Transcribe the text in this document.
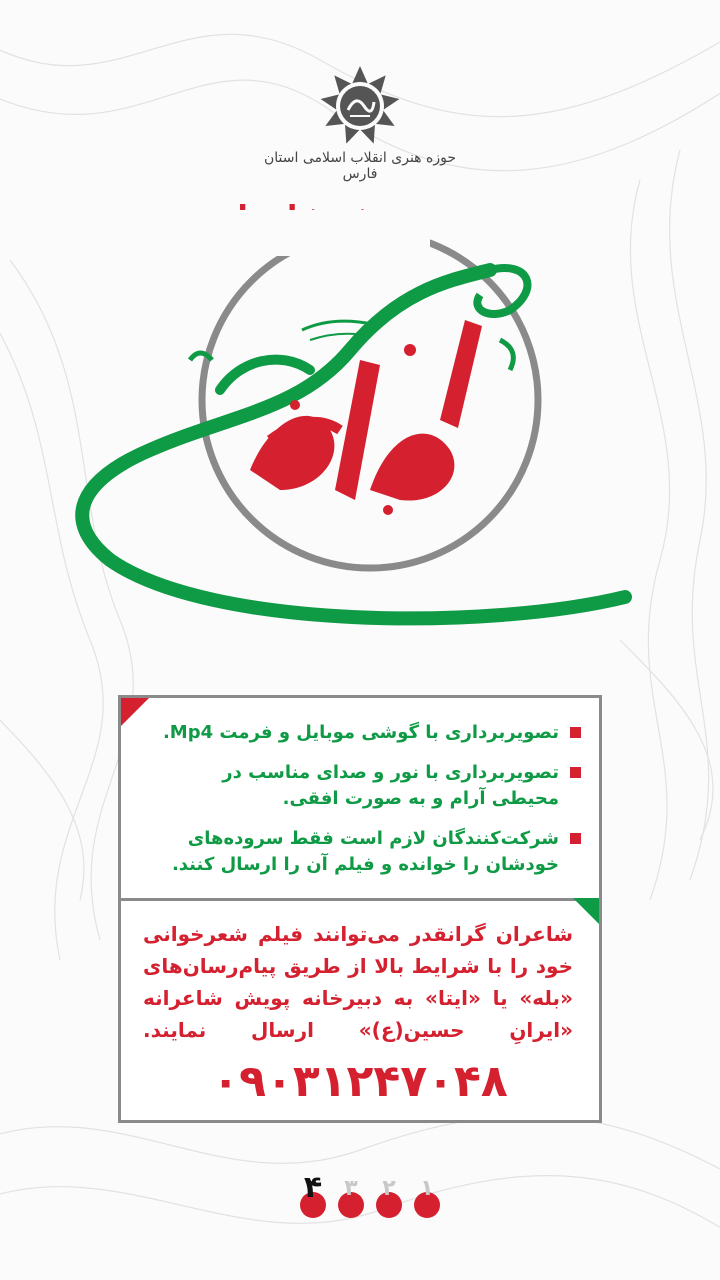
حوزه هنری انقلاب اسلامی استان فارس
تصویربرداری با گوشی موبایل و فرمت Mp4.
تصویربرداری با نور و صدای مناسب در محیطی آرام و به صورت افقی.
شرکت‌کنندگان لازم است فقط سروده‌های خودشان را خوانده و فیلم آن را ارسال کنند.

شاعران گرانقدر می‌توانند فیلم شعرخوانی خود را با شرایط بالا از طریق پیام‌رسان‌های «بله» یا «ایتا» به دبیرخانه پویش شاعرانه «ایرانِ حسین(ع)» ارسال نمایند.

۰۹۰۳۱۲۴۷۰۴۸
۱
۲
۳
۴
